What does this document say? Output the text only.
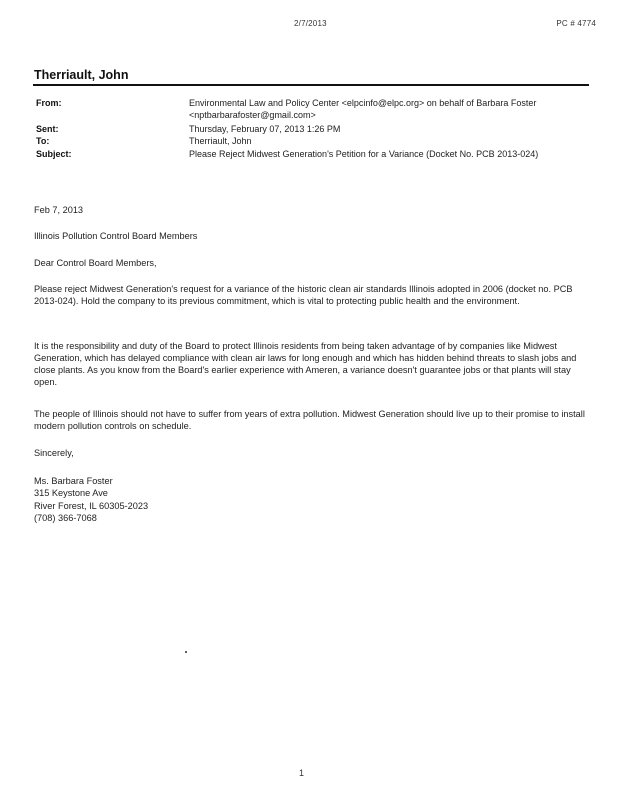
2/7/2013	PC # 4774
Therriault, John
From:	Environmental Law and Policy Center <elpcinfo@elpc.org> on behalf of Barbara Foster
<nptbarbarafoster@gmail.com>
Sent:	Thursday, February 07, 2013 1:26 PM
To:	Therriault, John
Subject:	Please Reject Midwest Generation's Petition for a Variance (Docket No. PCB 2013-024)
Feb 7, 2013
Illinois Pollution Control Board Members
Dear Control Board Members,

Please reject Midwest Generation's request for a variance of the historic clean air standards Illinois adopted in 2006 (docket no. PCB 2013-024). Hold the company to its previous commitment, which is vital to protecting public health and the environment.

It is the responsibility and duty of the Board to protect Illinois residents from being taken advantage of by companies like Midwest Generation, which has delayed compliance with clean air laws for long enough and which has hidden behind threats to slash jobs and close plants. As you know from the Board's earlier experience with Ameren, a variance doesn't guarantee jobs or that plants will stay open.

The people of Illinois should not have to suffer from years of extra pollution. Midwest Generation should live up to their promise to install modern pollution controls on schedule.

Sincerely,
Ms. Barbara Foster
315 Keystone Ave
River Forest, IL 60305-2023
(708) 366-7068
1
